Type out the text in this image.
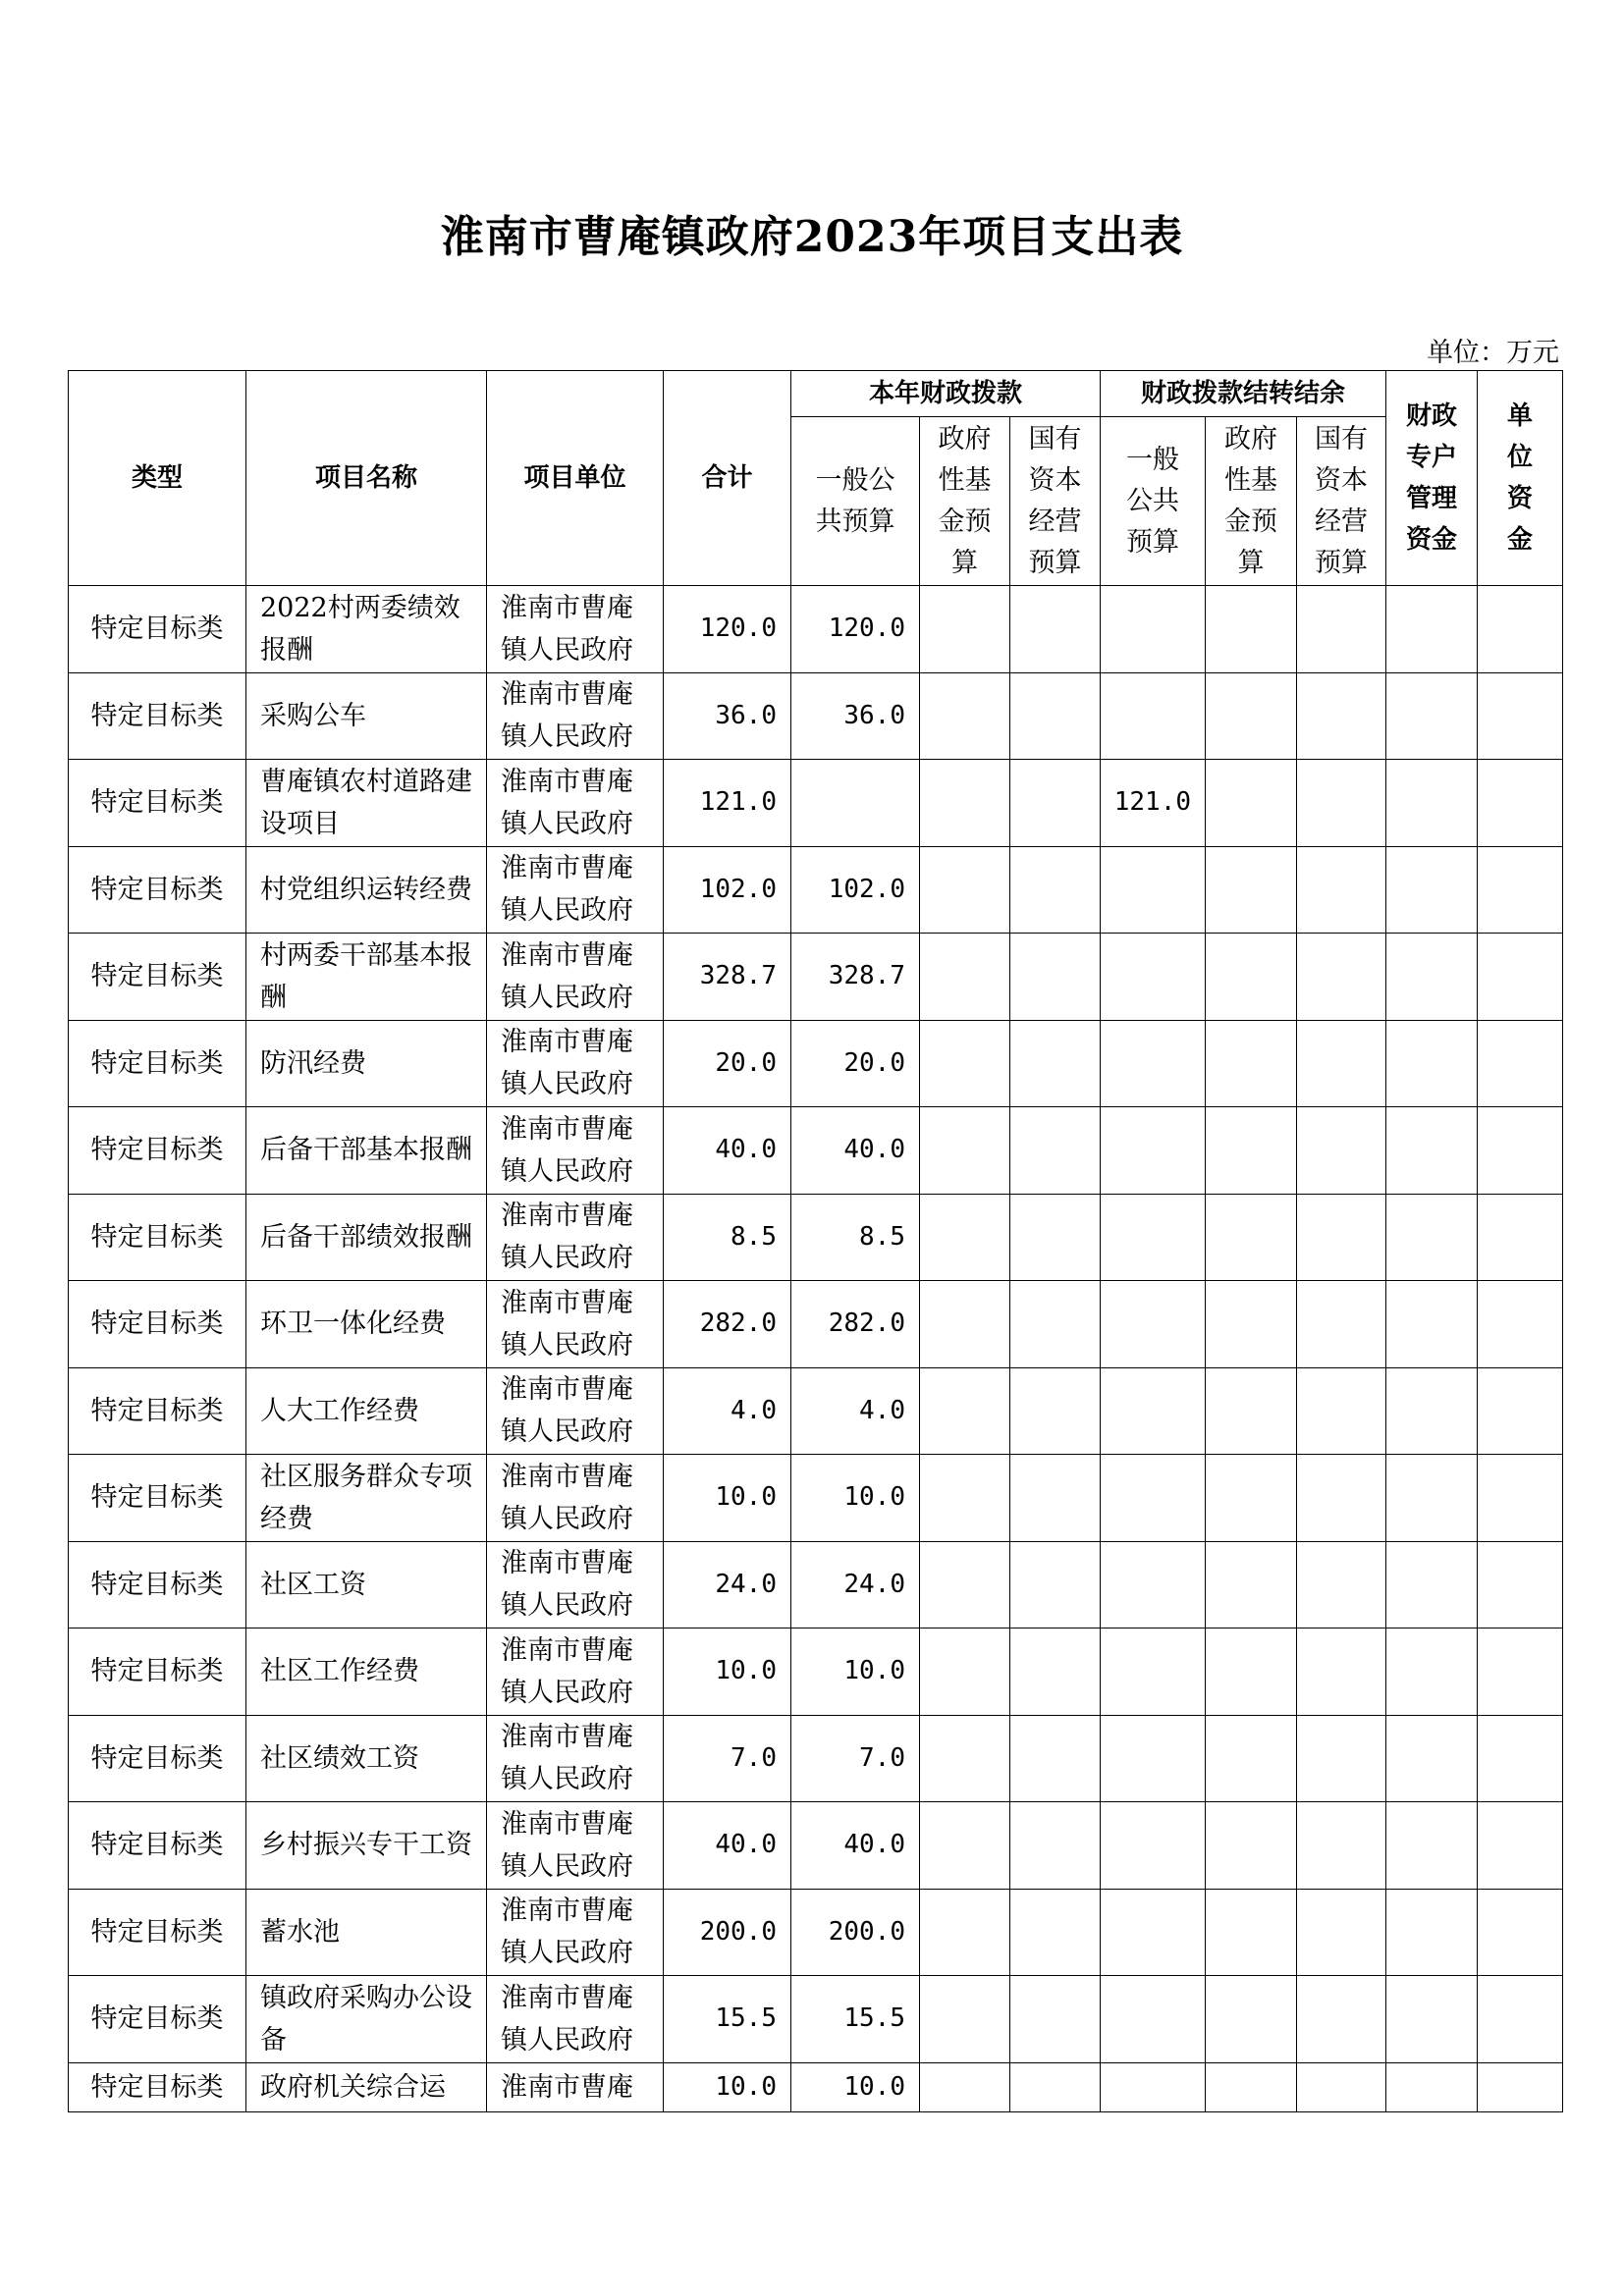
淮南市曹庵镇政府2023年项目支出表
单位：万元
类型	项目名称	项目单位	合计	本年财政拨款			财政拨款结转结余			财政专户管理资金	单位资金
				一般公共预算	政府性基金预算	国有资本经营预算	一般公共预算	政府性基金预算	国有资本经营预算		
特定目标类	2022村两委绩效报酬	淮南市曹庵镇人民政府	120.0	120.0							
特定目标类	采购公车	淮南市曹庵镇人民政府	36.0	36.0							
特定目标类	曹庵镇农村道路建设项目	淮南市曹庵镇人民政府	121.0				121.0				
特定目标类	村党组织运转经费	淮南市曹庵镇人民政府	102.0	102.0							
特定目标类	村两委干部基本报酬	淮南市曹庵镇人民政府	328.7	328.7							
特定目标类	防汛经费	淮南市曹庵镇人民政府	20.0	20.0							
特定目标类	后备干部基本报酬	淮南市曹庵镇人民政府	40.0	40.0							
特定目标类	后备干部绩效报酬	淮南市曹庵镇人民政府	8.5	8.5							
特定目标类	环卫一体化经费	淮南市曹庵镇人民政府	282.0	282.0							
特定目标类	人大工作经费	淮南市曹庵镇人民政府	4.0	4.0							
特定目标类	社区服务群众专项经费	淮南市曹庵镇人民政府	10.0	10.0							
特定目标类	社区工资	淮南市曹庵镇人民政府	24.0	24.0							
特定目标类	社区工作经费	淮南市曹庵镇人民政府	10.0	10.0							
特定目标类	社区绩效工资	淮南市曹庵镇人民政府	7.0	7.0							
特定目标类	乡村振兴专干工资	淮南市曹庵镇人民政府	40.0	40.0							
特定目标类	蓄水池	淮南市曹庵镇人民政府	200.0	200.0							
特定目标类	镇政府采购办公设备	淮南市曹庵镇人民政府	15.5	15.5							
特定目标类	政府机关综合运	淮南市曹庵	10.0	10.0							
